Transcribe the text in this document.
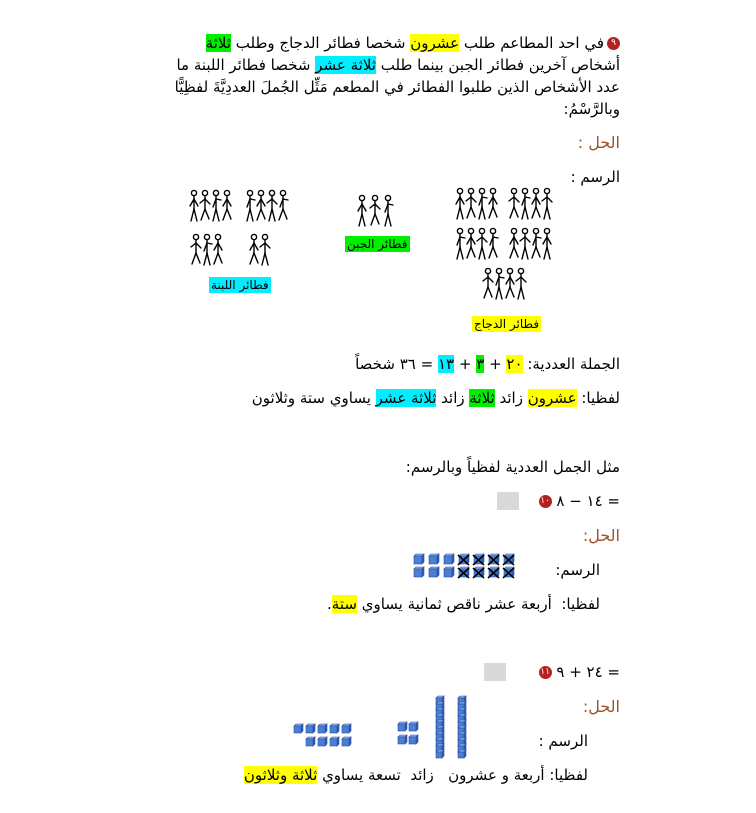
٩في احد المطاعم طلب عشرون شخصا فطائر الدجاج وطلب ثلاثة
أشخاص آخرين فطائر الجبن بينما طلب ثلاثة عشر شخصا فطائر اللبنة ما
عدد الأشخاص الذين طلبوا الفطائر في المطعم مَثِّل الجُملَ العددِيَّةَ لفظِيًّا
وبالرَّسْمُ:
الحل :
الرسم :
فطائر اللبنة
فطائر الجبن
فطائر الدجاج
الجملة العددية: ٢٠ + ٣ + ١٣ = ٣٦ شخصاً
لفظيا: عشرون زائد ثلاثة زائد ثلاثة عشر يساوي ستة وثلاثون
مثل الجمل العددية لفظياً وبالرسم:
١٠ ١٤ − ٨ =
الحل:
الرسم:
لفظيا:  أربعة عشر ناقص ثمانية يساوي ستة.
١١ ٢٤ + ٩ =
الحل:
الرسم :
لفظيا: أربعة و عشرون   زائد  تسعة يساوي ثلاثة وثلاثون
